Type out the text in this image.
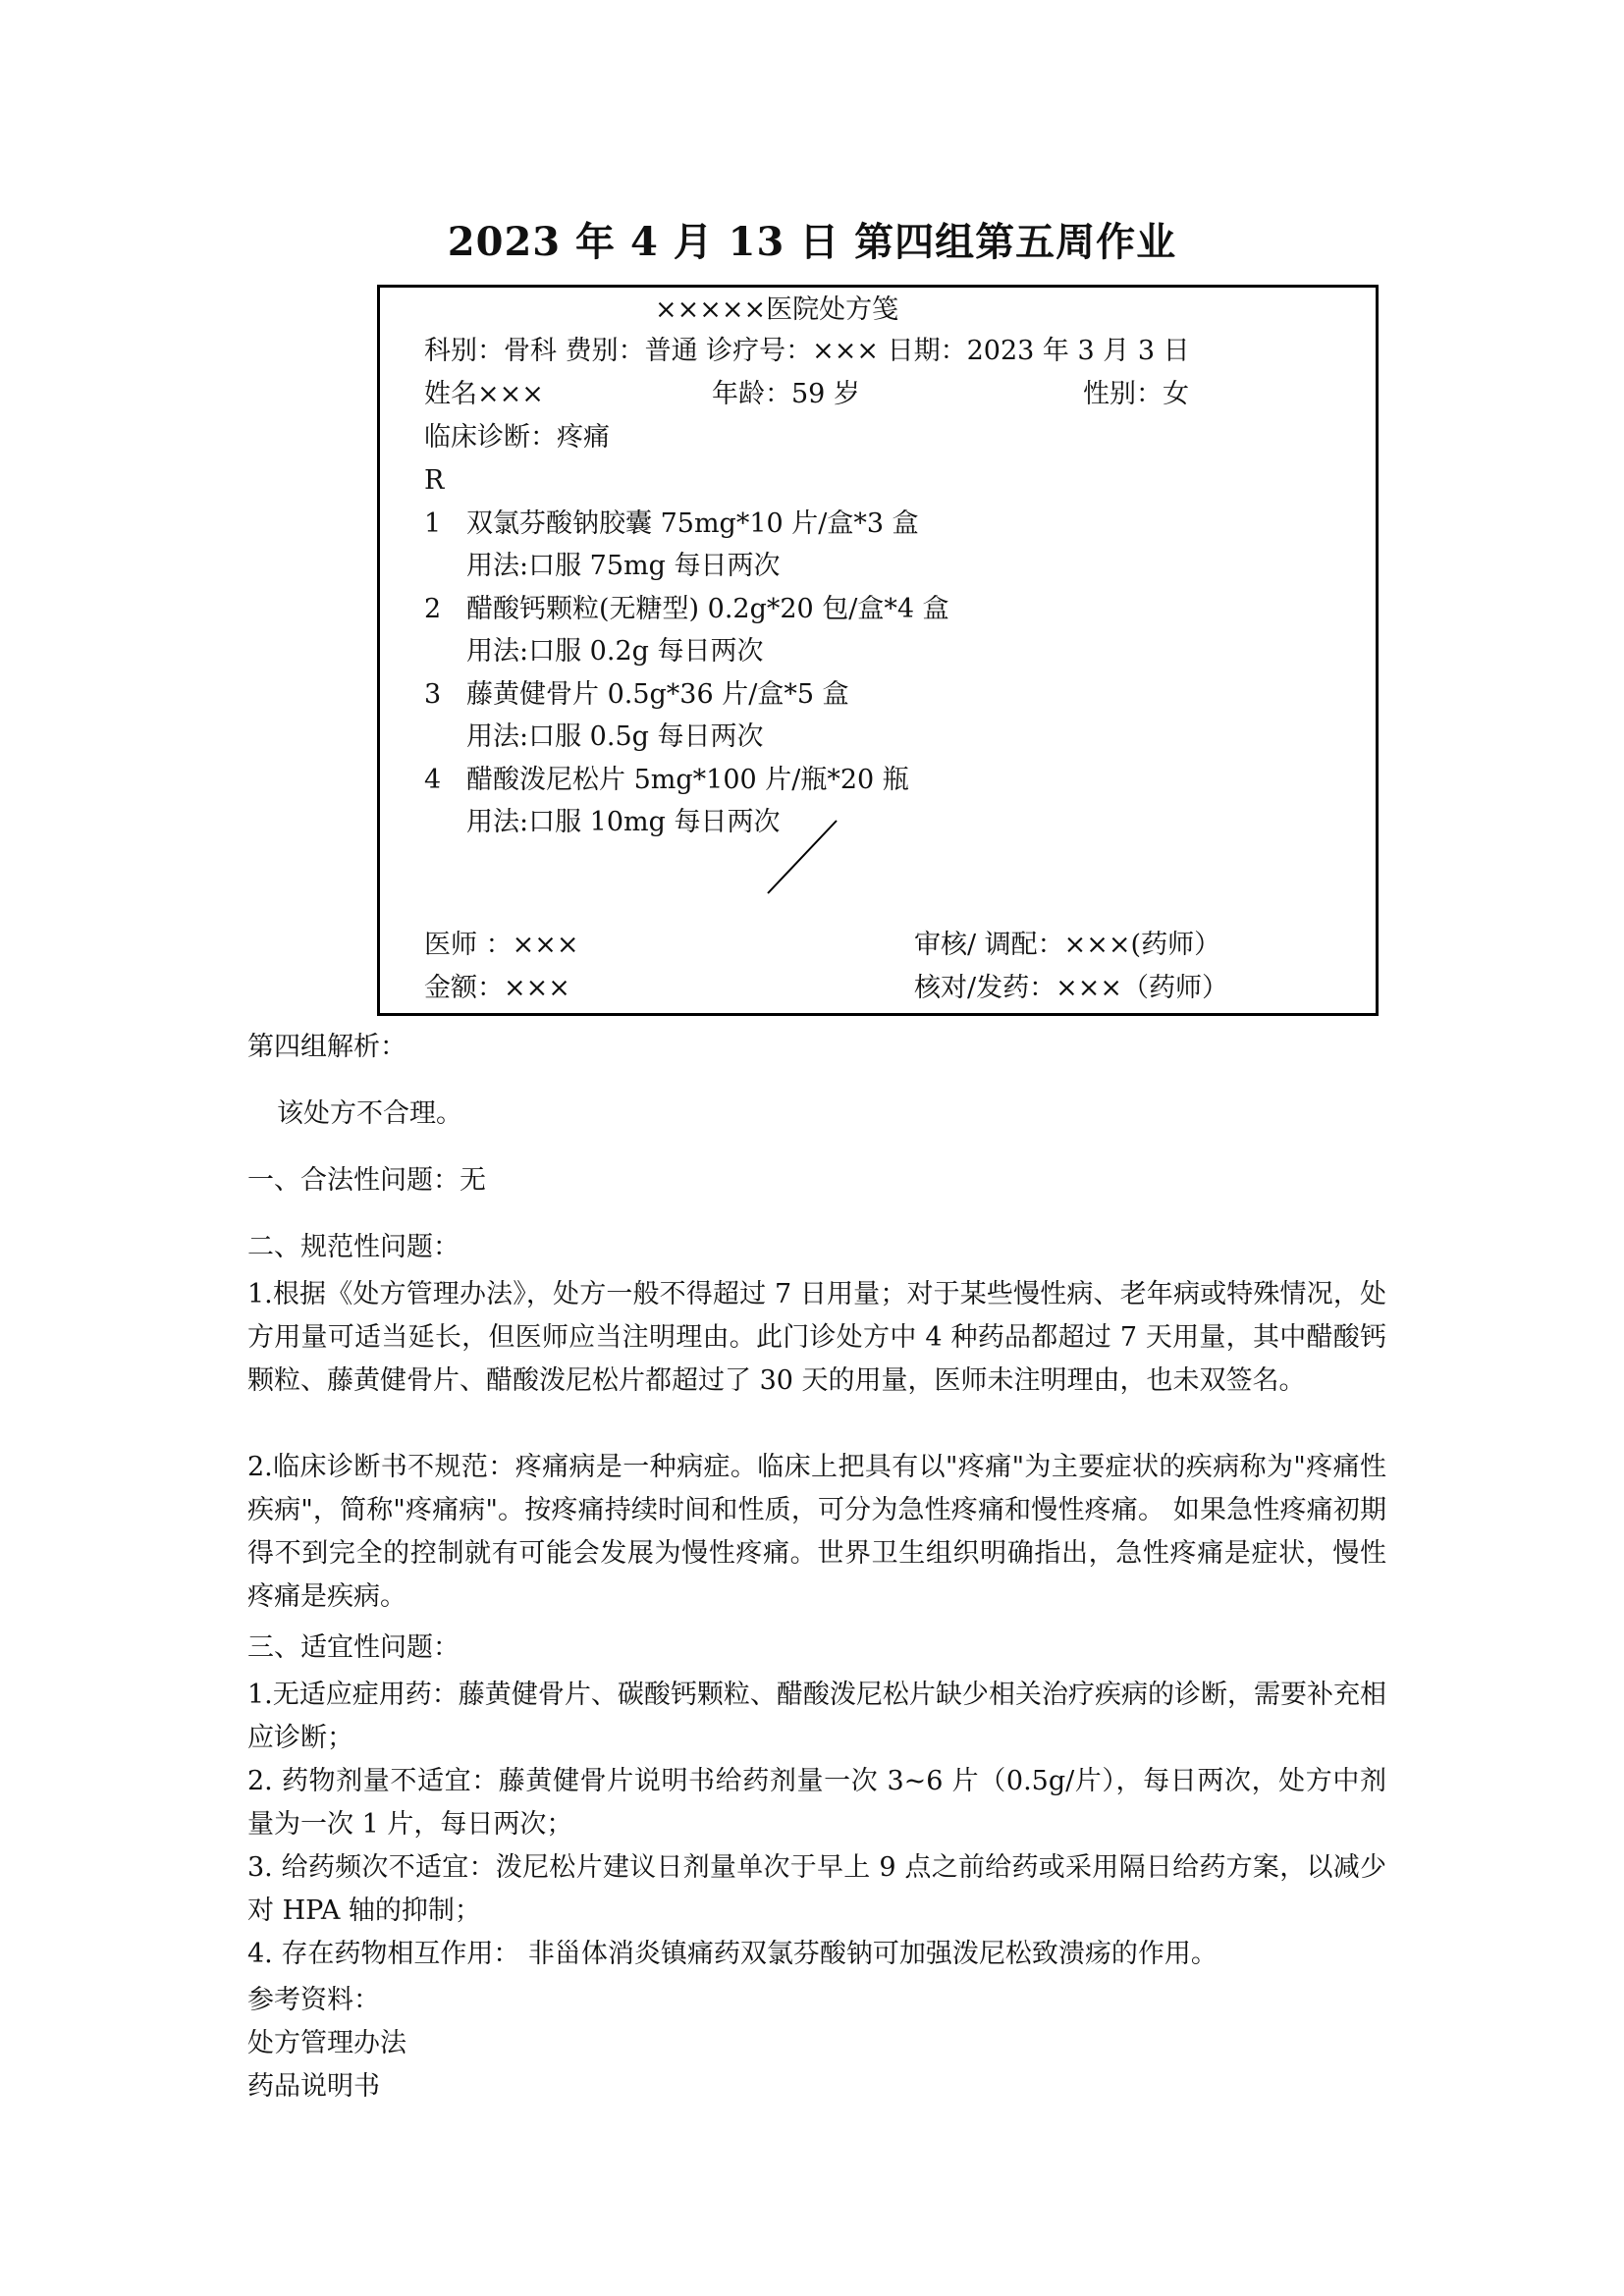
2023 年 4 月 13 日 第四组第五周作业
×××××医院处方笺
科别：骨科 费别：普通 诊疗号：××× 日期：2023 年 3 月 3 日
姓名×××	年龄：59 岁	性别：女
临床诊断：疼痛
R
1 双氯芬酸钠胶囊 75mg*10 片/盒*3 盒
用法:口服 75mg 每日两次
2 醋酸钙颗粒(无糖型) 0.2g*20 包/盒*4 盒
用法:口服 0.2g 每日两次
3 藤黄健骨片 0.5g*36 片/盒*5 盒
用法:口服 0.5g 每日两次
4 醋酸泼尼松片 5mg*100 片/瓶*20 瓶
用法:口服 10mg 每日两次
医师 ：×××	审核/ 调配：×××(药师）
金额：×××	核对/发药：×××（药师）
第四组解析：
该处方不合理。
一、合法性问题：无
二、规范性问题：
1.根据《处方管理办法》，处方一般不得超过 7 日用量；对于某些慢性病、老年病或特殊情况，处方用量可适当延长，但医师应当注明理由。此门诊处方中 4 种药品都超过 7 天用量，其中醋酸钙颗粒、藤黄健骨片、醋酸泼尼松片都超过了 30 天的用量，医师未注明理由，也未双签名。
2.临床诊断书不规范：疼痛病是一种病症。临床上把具有以"疼痛"为主要症状的疾病称为"疼痛性疾病"，简称"疼痛病"。按疼痛持续时间和性质，可分为急性疼痛和慢性疼痛。 如果急性疼痛初期得不到完全的控制就有可能会发展为慢性疼痛。世界卫生组织明确指出，急性疼痛是症状，慢性疼痛是疾病。
三、适宜性问题：
1.无适应症用药：藤黄健骨片、碳酸钙颗粒、醋酸泼尼松片缺少相关治疗疾病的诊断，需要补充相应诊断；
2. 药物剂量不适宜：藤黄健骨片说明书给药剂量一次 3~6 片（0.5g/片），每日两次，处方中剂量为一次 1 片，每日两次；
3. 给药频次不适宜：泼尼松片建议日剂量单次于早上 9 点之前给药或采用隔日给药方案，以减少对 HPA 轴的抑制；
4. 存在药物相互作用： 非甾体消炎镇痛药双氯芬酸钠可加强泼尼松致溃疡的作用。
参考资料：
处方管理办法
药品说明书
